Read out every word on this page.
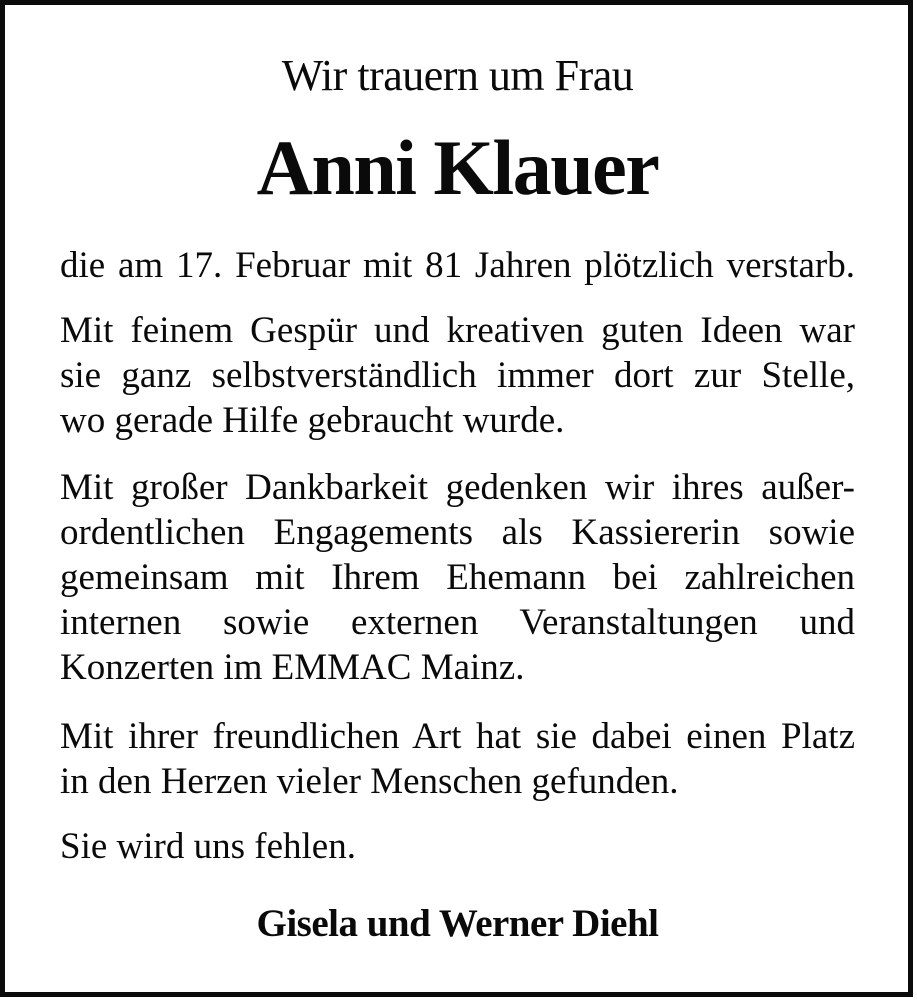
Wir trauern um Frau
Anni Klauer
die am 17. Februar mit 81 Jahren plötzlich verstarb.
Mit feinem Gespür und kreativen guten Ideen war
sie ganz selbstverständlich immer dort zur Stelle,
wo gerade Hilfe gebraucht wurde.
Mit großer Dankbarkeit gedenken wir ihres außer-
ordentlichen Engagements als Kassiererin sowie
gemeinsam mit Ihrem Ehemann bei zahlreichen
internen sowie externen Veranstaltungen und
Konzerten im EMMAC Mainz.
Mit ihrer freundlichen Art hat sie dabei einen Platz
in den Herzen vieler Menschen gefunden.
Sie wird uns fehlen.
Gisela und Werner Diehl
